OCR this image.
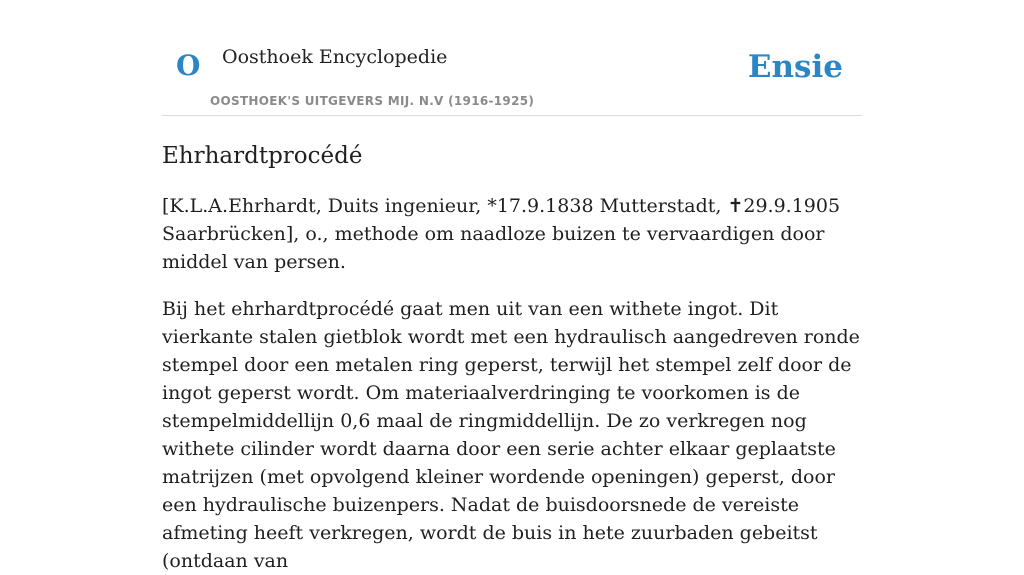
O Oosthoek Encyclopedie
OOSTHOEK'S UITGEVERS MIJ. N.V (1916-1925)
Ensie
Ehrhardtprocédé

[K.L.A.Ehrhardt, Duits ingenieur, *17.9.1838 Mutterstadt, ✝29.9.1905 Saarbrücken], o., methode om naadloze buizen te vervaardigen door middel van persen.

Bij het ehrhardtprocédé gaat men uit van een withete ingot. Dit vierkante stalen gietblok wordt met een hydraulisch aangedreven ronde stempel door een metalen ring geperst, terwijl het stempel zelf door de ingot geperst wordt. Om materiaalverdringing te voorkomen is de stempelmiddellijn 0,6 maal de ringmiddellijn. De zo verkregen nog withete cilinder wordt daarna door een serie achter elkaar geplaatste matrijzen (met opvolgend kleiner wordende openingen) geperst, door een hydraulische buizenpers. Nadat de buisdoorsnede de vereiste afmeting heeft verkregen, wordt de buis in hete zuurbaden gebeitst (ontdaan van
